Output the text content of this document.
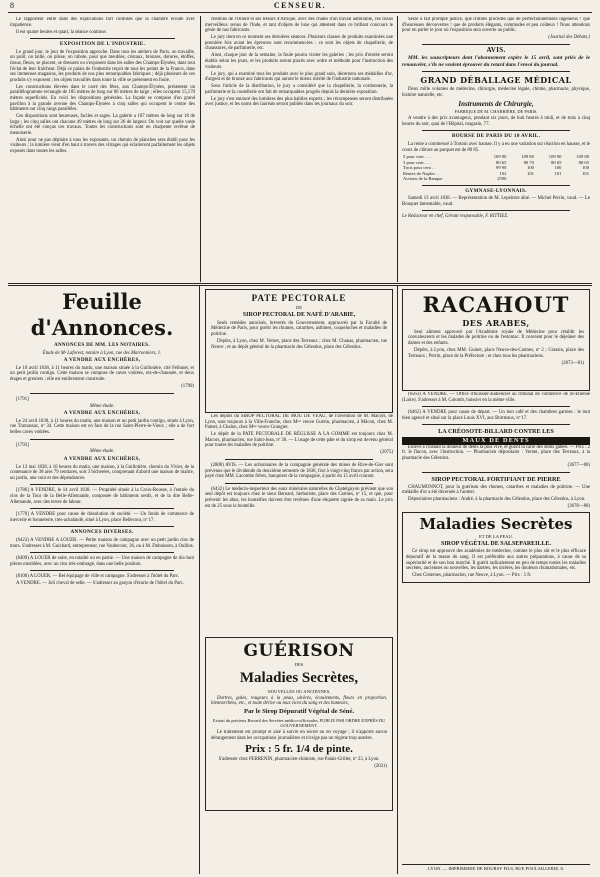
8	CENSEUR.

Le rapporteur entre dans des explications fort confuses que la chambre écoute avec impatience.

Il est quatre heures et quart, la séance continue.

EXPOSITION DE L'INDUSTRIE.

Le grand jour, le jour de l'exposition approche. Dans tous les ateliers de Paris, on travaille, on polit, on taille, on plisse, on rabote, pour que meubles, cristaux, bronzes, dorures, étoffes, tissus, fleurs, se placent, se dressent ou s'exposent dans les salles des Champs-Élysées, dans tout l'éclat de leur fraîcheur. Déjà ce palais de l'industrie reçoit de tous les points de la France, dans ses immenses magasins, les produits de nos plus remarquables fabriques ; déjà plusieurs de ces produits s'y exposent ; les objets travaillés dans toute la ville se présentent en foule.

Les constructions élevées dans le carré des fêtes, aux Champs-Élysées, présentent un parallélogramme rectangle de 185 mètres de long sur 80 mètres de large ; elles occupent 15,170 mètres superficiels. En voici les dispositions générales. La façade se compose d'un grand pavillon à la grande avenue des Champs-Élysées à cinq salles qui occupent le centre des bâtiments sur cinq rangs parallèles.

Ces dispositions sont heureuses, faciles et sages. La galerie a 187 mètres de long sur 18 de large ; les cinq salles ont chacune 49 mètres de long sur 26 de largeur. On voit sur quelle vaste échelle ont été conçus ces travaux. Toutes les constructions sont en charpente revêtue de menuiserie.

Ainsi pour ne pas déplaire à tous les exposants, un chemin de planches sera établi pour les visiteurs ; la lumière vient d'en haut à travers des vitrages qui éclaireront parfaitement les objets exposés dans toutes les salles.

chemins de l'Orient et ses trésors d'Afrique, avec des châles d'un travail admirable, ces tissus merveilleux venus de l'Inde, et tant d'objets de luxe qui attestent dans ce brillant concours le génie de nos fabricants.

Le jury tient en ce moment ses dernières séances. Plusieurs classes de produits examinées une première fois avant les épreuves sont recommencées : ce sont les objets de chapellerie, de chaussures, de parfumerie, etc.

Ainsi, chaque jour de la semaine, la foule pourra visiter les galeries ; les prix d'entrée seront établis selon les jours, et les produits seront placés avec ordre et méthode pour l'instruction des visiteurs.

Le jury, qui a examiné tous les produits avec le plus grand soin, décernera ses médailles d'or, d'argent et de bronze aux fabricants qui auront le mieux mérité de l'industrie nationale.

Sous l'article de la distribution, le jury a considéré que la chapellerie, la cordonnerie, la parfumerie et la coutellerie ont fait de remarquables progrès depuis la dernière exposition.

Le jury s'est entouré des lumières des plus habiles experts ; les récompenses seront distribuées avec justice, et les noms des lauréats seront publiés dans les journaux du soir.

Seize à fait prompte justice, que d'utiles procédés que de perfectionnements ingénieux ! que d'heureuses découvertes ! que de produits élégants, commodes et peu coûteux ! Nous attendons pour en parler le jour où l'exposition sera ouverte au public.

(Journal des Débats.)

AVIS.

MM. les souscripteurs dont l'abonnement expire le 15 avril, sont priés de le renouveler, s'ils ne veulent éprouver du retard dans l'envoi du journal.

GRAND DÉBALLAGE MÉDICAL

Deux mille volumes de médecine, chirurgie, médecine légale, chimie, pharmacie, physique, histoire naturelle, etc.

Instruments de Chirurgie,

FABRIQUE DE M. CHARRIÈRE, DE PARIS.

A vendre à des prix avantageux, pendant six jours, de huit heures à midi, et de trois à cinq heures du soir, quai de l'Hôpital, magasin, 77.

BOURSE DE PARIS DU 10 AVRIL.

La rente a commencé à Tortoni avec hausse. Il y a eu une variation sur réaction en hausse, et le cours de clôture au parquet est de 80 85.

5 pour cent. . . .	109 90	109 80	109 90	109 80
3 pour cent. . . .	80 65	80 70	80 65	80 65
Trois pour cent . .	99 90	100	100	100
Rentes de Naples . .	102	101	101	101
Actions de la Banque	2590			

GYMNASE-LYONNAIS.

Samedi 13 avril 1838. — Représentation de M. Lepeintre aîné. — Michel Perrin, vaud. — Le Bouquet lamentable, vaud.

Le Rédacteur en chef, Gérant responsable, F. RITTIEZ.

Feuille d'Annonces.

ANNONCES DE MM. LES NOTAIRES.

Étude de Mᵉ Laforest, notaire à Lyon, rue des Marronniers, 1.

A VENDRE AUX ENCHÈRES,

Le 18 avril 1838, à 11 heures du matin, une maison située à la Guillotière, cité Fellonet, et un petit jardin contigu. Cette maison se compose de caves voûtées, rez-de-chaussée, et deux étages et greniers ; elle est entièrement construite.

(1790)

[1791]

Même étude.

A VENDRE AUX ENCHÈRES,

Le 24 avril 1838, à 11 heures du matin, une maison et un petit jardin contigu, situés à Lyon, rue Tramassac, nº 34. Cette maison est en face de la rue Saint-Pierre-le-Vieux ; elle a de fort belles caves voûtées.

[1793]

Même étude.

A VENDRE AUX ENCHÈRES,

Le 12 mai 1838, à 10 heures du matin, une maison, à la Guillotière, chemin du Vivier, de la contenance de 38 ares 79 centiares, soit 3 bicherées, comprenant d'abord une maison de maître, un jardin, une cour et des dépendances.

[1786] A VENDRE, le 14 avril 1838. — Propriété située à la Croix-Rousse, à l'entrée du clos de la Tour de la Belle-Allemande, composée de bâtiments neufs, et de la dite Belle-Allemande, avec des terres de labour.

[1770] A VENDRE pour cause de dissolution de société. — Un fonds de commerce de mercerie et bonneterie, très-achalandé, situé à Lyon, place Bellecour, nº 17.

ANNONCES DIVERSES.

(6423) A VENDRE A LOUER. — Petite maison de campagne avec un petit jardin clos de murs. S'adresser à M. Guichard, entrepreneur, rue Vaubecour, 36, ou à M. Dubuisson, à Oullins.

(6409) A LOUER de suite, en totalité ou en partie. — Une maison de campagne de dix-huit pièces meublées, avec un clos très-ombragé, dans une belle position.

(8100) A LOUER. — Bel équipage de ville et campagne. S'adresser à l'hôtel du Parc.

A VENDRE. — Joli cheval de selle. — S'adresser au garçon d'écurie de l'hôtel du Parc.

PATE PECTORALE

DE

SIROP PECTORAL DE NAFÉ D'ARABIE,

Seuls remèdes autorisés, brevetés du Gouvernement, approuvés par la Faculté de Médecine de Paris, pour guérir les rhumes, catarrhes, asthmes, coqueluches et maladies de poitrine.

Dépôts, à Lyon, chez M. Vernet, place des Terreaux ; chez M. Chanas, pharmacien, rue Neuve ; et au dépôt général de la pharmacie des Célestins, place des Célestins.

Les dépôts du SIROP PECTORAL DE MOU DE VEAU, de l'invention de M. Macors, de Lyon, sont toujours à la Ville-Franche, chez Mᵐᵉ veuve Guérin, pharmacien, à Mâcon, chez M. Patnet, à Chalon, chez Mᵐᵉ veuve Grangier.

Le dépôt de la PATE PECTORALE DE RÉGLISSE A LA GOMME est toujours chez M. Macors, pharmacien, rue Saint-Jean, nº 30. — L'usage de cette pâte et du sirop est devenu général pour toutes les maladies de poitrine.

(2075)

(2808) AVIS. — Les actionnaires de la compagnie générale des mines de Rive-de-Gier sont prévenus que le dividende du deuxième semestre de 1838, fixé à vingt-cinq francs par action, sera payé chez MM. Lacombe frères, banquiers de la compagnie, à partir du 15 avril courant.

(6432) Le médecin-inspecteur des eaux minérales naturelles de Chatelguyon prévient que son seul dépôt est toujours chez le sieur Bernard, herboriste, place des Carmes, nº 15, et que, pour prévenir les abus, les bouteilles doivent être revêtues d'une étiquette signée de sa main. Le prix est de 25 sous la bouteille.

GUÉRISON

DES

Maladies Secrètes,

NOUVELLES OU ANCIENNES,

Dartres, gales, rougeurs à la peau, ulcères, écoulements, fleurs en proportion, blennorrhées, etc., et toute dérive ou tous vices du sang et des humeurs,

Par le Sirop Dépuratif Végétal de Séné.

Extrait du précieux Recueil des Secrètes médico-officinales, PUBLIE PAR ORDRE EXPRÈS DU GOUVERNEMENT.

Le traitement est prompt et aisé à suivre en secret ou en voyage ; il n'apporte aucun dérangement dans les occupations journalières et n'exige pas un régime trop austère.

Prix : 5 fr. 1/4 de pinte.

S'adresser chez PERRENIN, pharmacien-chimiste, rue Palais-Grillet, nº 23, à Lyon.

(2031)

RACAHOUT

DES ARABES,

Seul aliment approuvé par l'Académie royale de Médecine pour rétablir les convalescents et les malades de poitrine ou de l'estomac. Il convient pour le déjeûner des dames et des enfants.

Dépôts, à Lyon, chez MM. Guinet, place Neuve-des-Carmes, nº 2 ; Grassin, place des Terreaux ; Perrin, place de la Préfecture ; et chez tous les pharmaciens.

(2073—81)

(6563) A VENDRE. — Office d'huissier-audiencier au tribunal de commerce de St-Étienne (Loire). S'adresser à M. Colomb, huissier en la même ville.

(6462) A VENDRE pour cause de départ. — Un bon café et des chambres garnies : le tout bien agencé et situé sur la place Louis XVI, aux Brotteaux, nº 17.

LA CRÉOSOTE-BILLARD CONTRE LES

MAUX DE DENTS

Enlève à l'instant la douleur de dents la plus vive, et guérit la carie des dents gâtées. — Prix : 2 fr. le flacon, avec l'instruction. — Pharmacien dépositaire : Vernet, place des Terreaux, à la pharmacie des Célestins.

(3677—80)

SIROP PECTORAL FORTIFIANT DE PIERRE

CHAUMONNOT, pour la guérison des rhumes, catarrhes et maladies de poitrine. — Une médaille d'or a été décernée à l'auteur.

Dépositaires pharmaciens : André, à la pharmacie des Célestins, place des Célestins, à Lyon.

(3678—80)

Maladies Secrètes

ET DE LA PEAU.

SIROP VÉGÉTAL DE SALSEPAREILLE.

Ce sirop est approuvé des académies de médecine, comme le plus sûr et le plus efficace dépuratif de la masse du sang. Il est préférable aux autres préparations, à cause de sa supériorité et de son bon marché. Il guérit radicalement en peu de temps toutes les maladies secrètes, anciennes ou nouvelles, les dartres, les ulcères, les douleurs rhumatismales, etc.

Chez Cisternes, pharmacien, rue Neuve, à Lyon. — Prix : 5 fr.

LYON. — IMPRIMERIE DE BOURSY FILS, RUE POULAILLERIE, 8.
